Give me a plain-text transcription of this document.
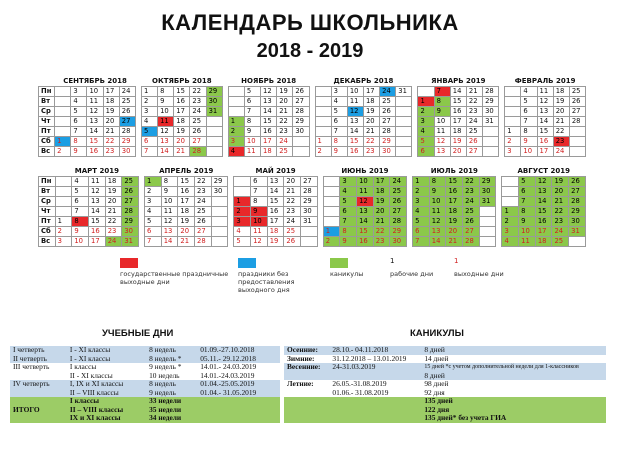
КАЛЕНДАРЬ ШКОЛЬНИКА
2018 - 2019
	СЕНТЯБРЬ 2018						ОКТЯБРЬ 2018						НОЯБРЬ 2018						ДЕКАБРЬ 2018							ЯНВАРЬ 2019						ФЕВРАЛЬ 2019				
Пн		3	10	17	24		1	8	15	22	29			5	12	19	26			3	10	17	24	31			7	14	21	28			4	11	18	25
Вт		4	11	18	25		2	9	16	23	30			6	13	20	27			4	11	18	25			1	8	15	22	29			5	12	19	26
Ср		5	12	19	26		3	10	17	24	31			7	14	21	28			5	12	19	26			2	9	16	23	30			6	13	20	27
Чт		6	13	20	27		4	11	18	25			1	8	15	22	29			6	13	20	27			3	10	17	24	31			7	14	21	28
Пт		7	14	21	28		5	12	19	26			2	9	16	23	30			7	14	21	28			4	11	18	25			1	8	15	22	
Сб	1	8	15	22	29		6	13	20	27			3	10	17	24			1	8	15	22	29			5	12	19	26			2	9	16	23	
Вс	2	9	16	23	30		7	14	21	28			4	11	18	25			2	9	16	23	30			6	13	20	27			3	10	17	24	
	МАРТ 2019						АПРЕЛЬ 2019						МАЙ 2019						ИЮНЬ 2019						ИЮЛЬ 2019						АВГУСТ 2019				
Пн		4	11	18	25		1	8	15	22	29			6	13	20	27			3	10	17	24		1	8	15	22	29			5	12	19	26
Вт		5	12	19	26		2	9	16	23	30			7	14	21	28			4	11	18	25		2	9	16	23	30			6	13	20	27
Ср		6	13	20	27		3	10	17	24			1	8	15	22	29			5	12	19	26		3	10	17	24	31			7	14	21	28
Чт		7	14	21	28		4	11	18	25			2	9	16	23	30			6	13	20	27		4	11	18	25			1	8	15	22	29
Пт	1	8	15	22	29		5	12	19	26			3	10	17	24	31			7	14	21	28		5	12	19	26			2	9	16	23	30
Сб	2	9	16	23	30		6	13	20	27			4	11	18	25			1	8	15	22	29		6	13	20	27			3	10	17	24	31
Вс	3	10	17	24	31		7	14	21	28			5	12	19	26			2	9	16	23	30		7	14	21	28			4	11	18	25	
государственные праздничные выходные дни
праздники без предоставления выходного дня
каникулы
1
рабочие дни
1
выходные дни
УЧЕБНЫЕ ДНИ	КАНИКУЛЫ
I четверть	I - XI классы	8 недель	01.09.-27.10.2018
II четверть	I - XI классы	8 недель *	05.11.- 29.12.2018
III четверть	I классы	9 недель *	14.01.- 24.03.2019
	II - XI классы	10 недель	14.01.-24.03.2019
IV четверть	I, IX и XI классы	8 недель	01.04.-25.05.2019
	II – VIII классы	9 недель	01.04.- 31.05.2019
ИТОГО	I классы	33 недели	
	II – VIII классы	35 недели	
	IX и XI классы	34 недели	
Осенние:	28.10.- 04.11.2018	8 дней
Зимние:	31.12.2018 – 13.01.2019	14 дней
Весенние:	24-31.03.2019	15 дней *с учетом дополнительной недели для 1-классников
		8 дней
Летние:	26.05.-31.08.2019	98 дней
	01.06.- 31.08.2019	92 дня
		135 дней
		122 дня
		135 дней* без учета ГИА
